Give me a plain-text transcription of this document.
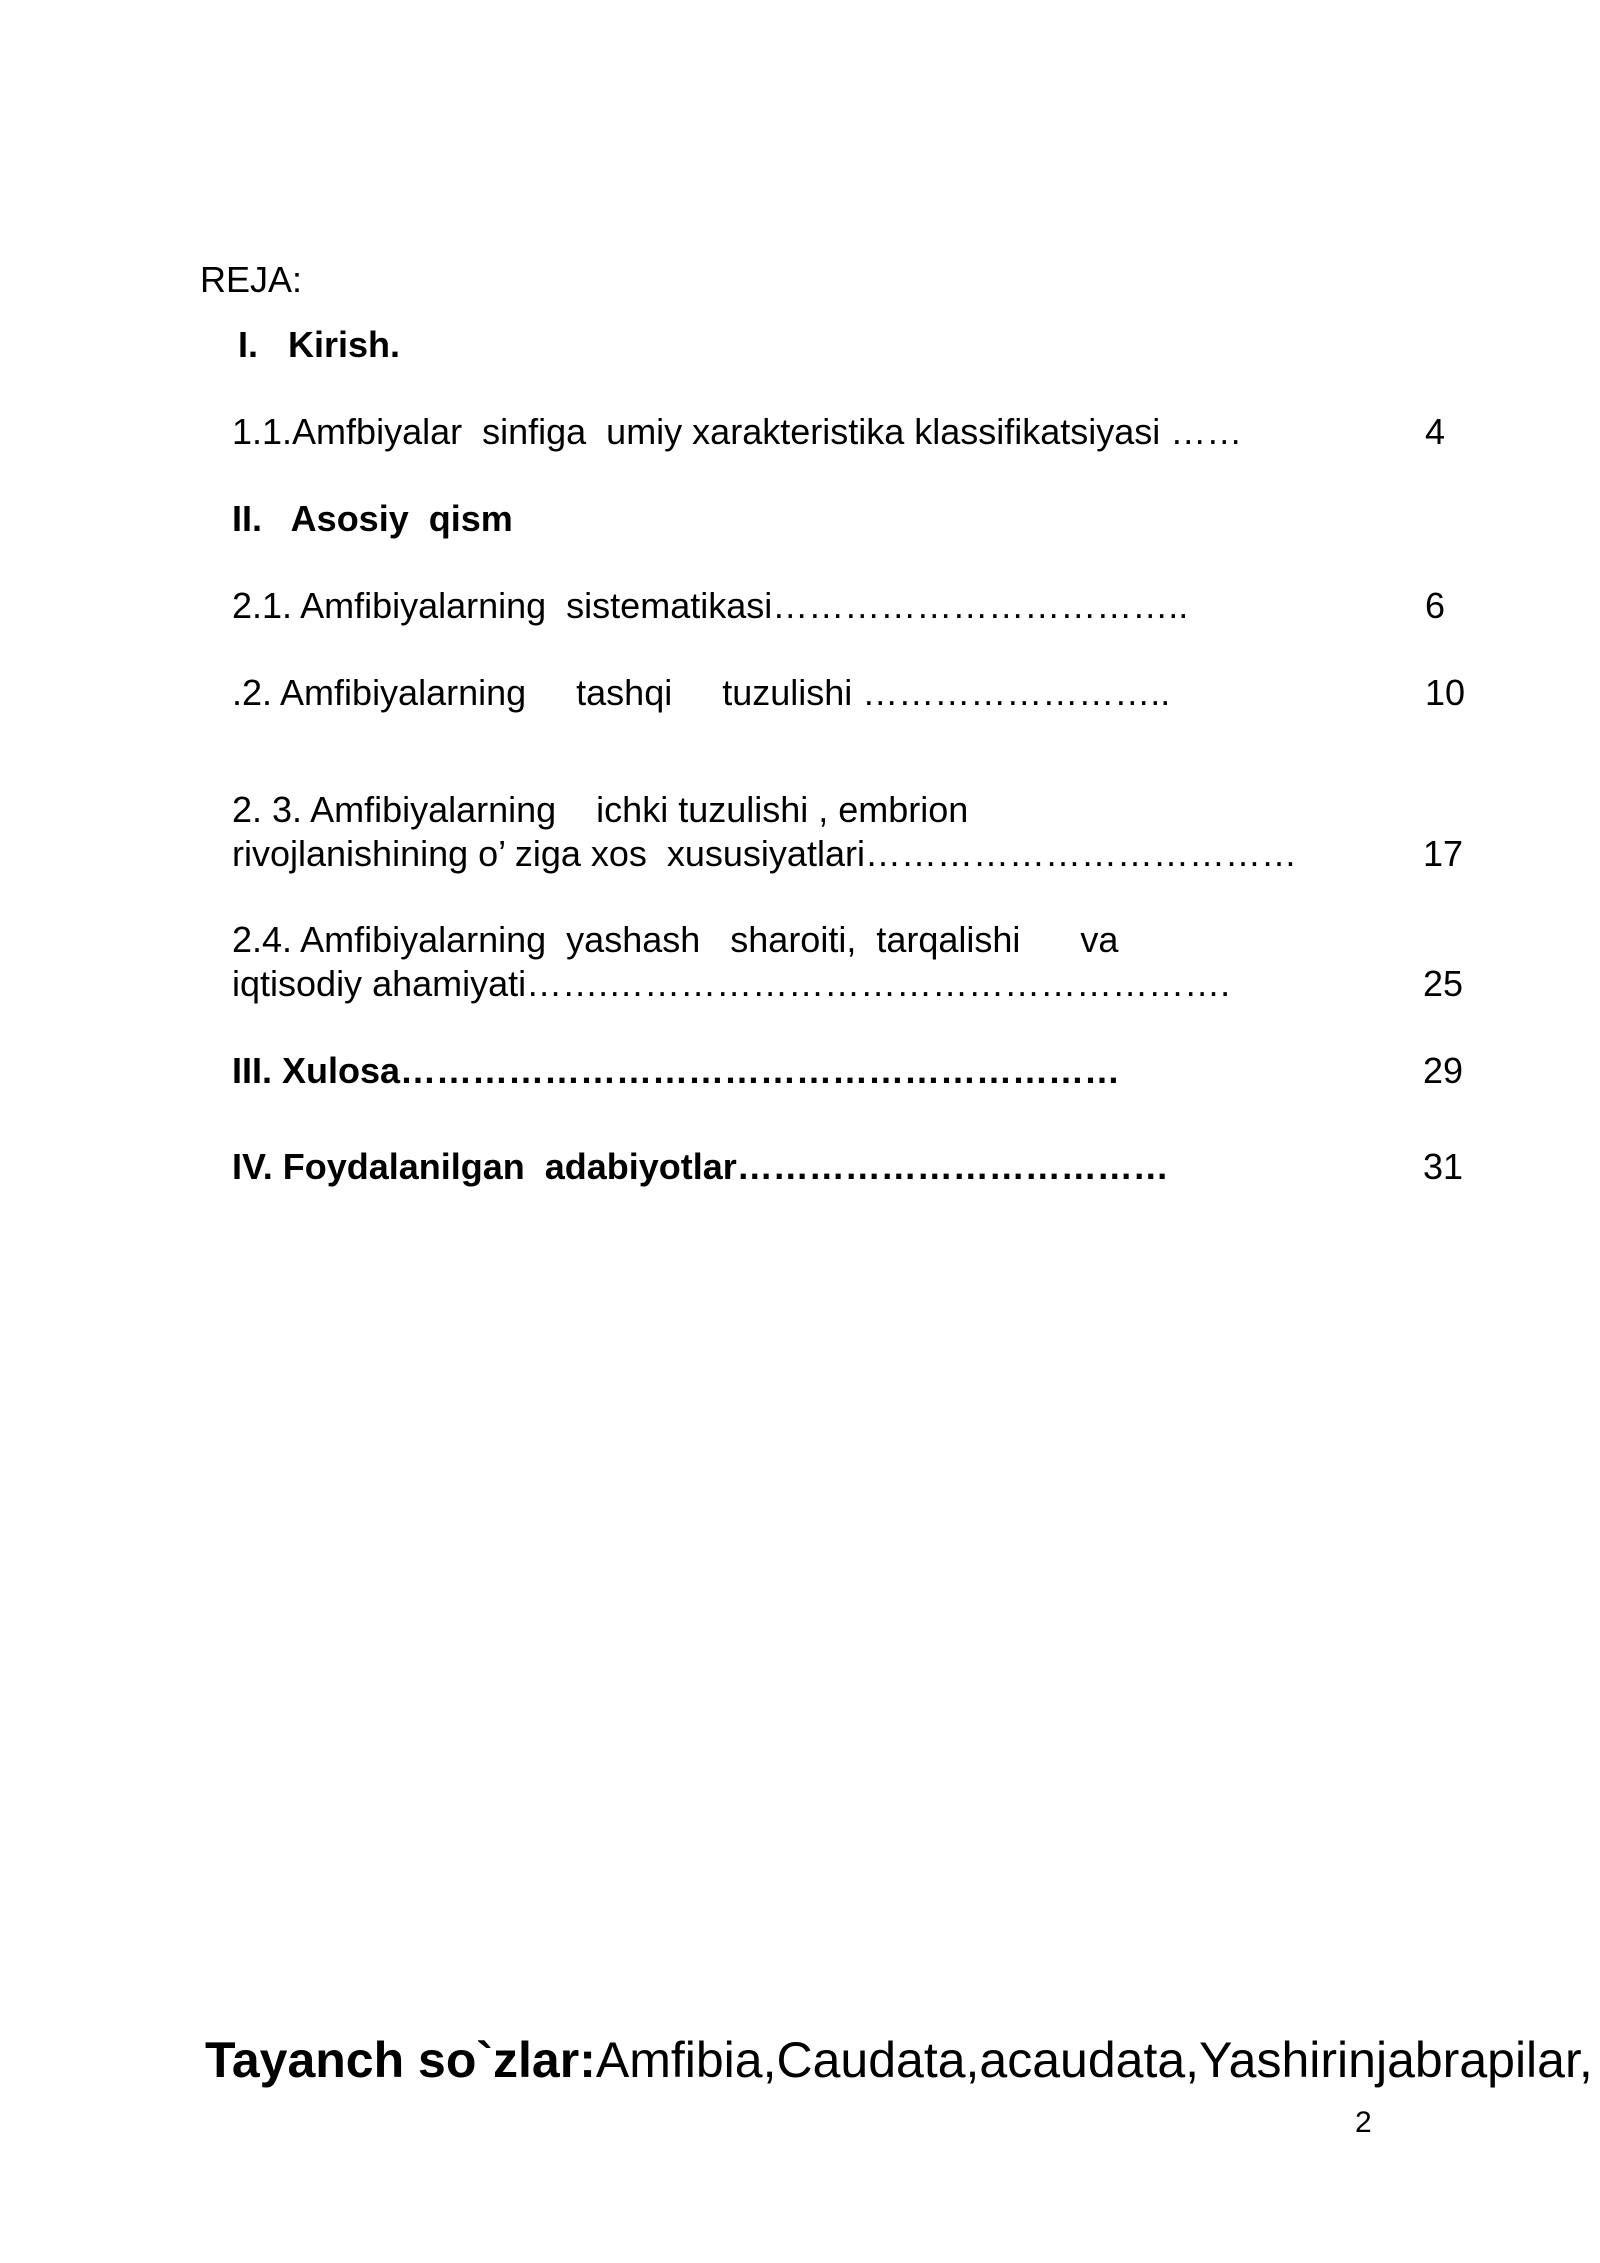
REJA:
I.   Kirish.
1.1.Amfbiyalar  sinfiga  umiy xarakteristika klassifikatsiyasi ……	4
II.   Asosiy  qism
2.1. Amfibiyalarning  sistematikasi……………………………..	6
.2. Amfibiyalarning     tashqi     tuzulishi ……………………..	10
2. 3. Amfibiyalarning    ichki tuzulishi , embrion
rivojlanishining o’ ziga xos  xususiyatlari………………………………	17
2.4. Amfibiyalarning  yashash   sharoiti,  tarqalishi      va
iqtisodiy ahamiyati…….…………………………………………….	25
III. Xulosa……………………………………………………	29
IV. Foydalanilgan  adabiyotlar………………………………	31
Tayanch so`zlar:Amfibia,Caudata,acaudata,Yashirinjabrapilar,
2
